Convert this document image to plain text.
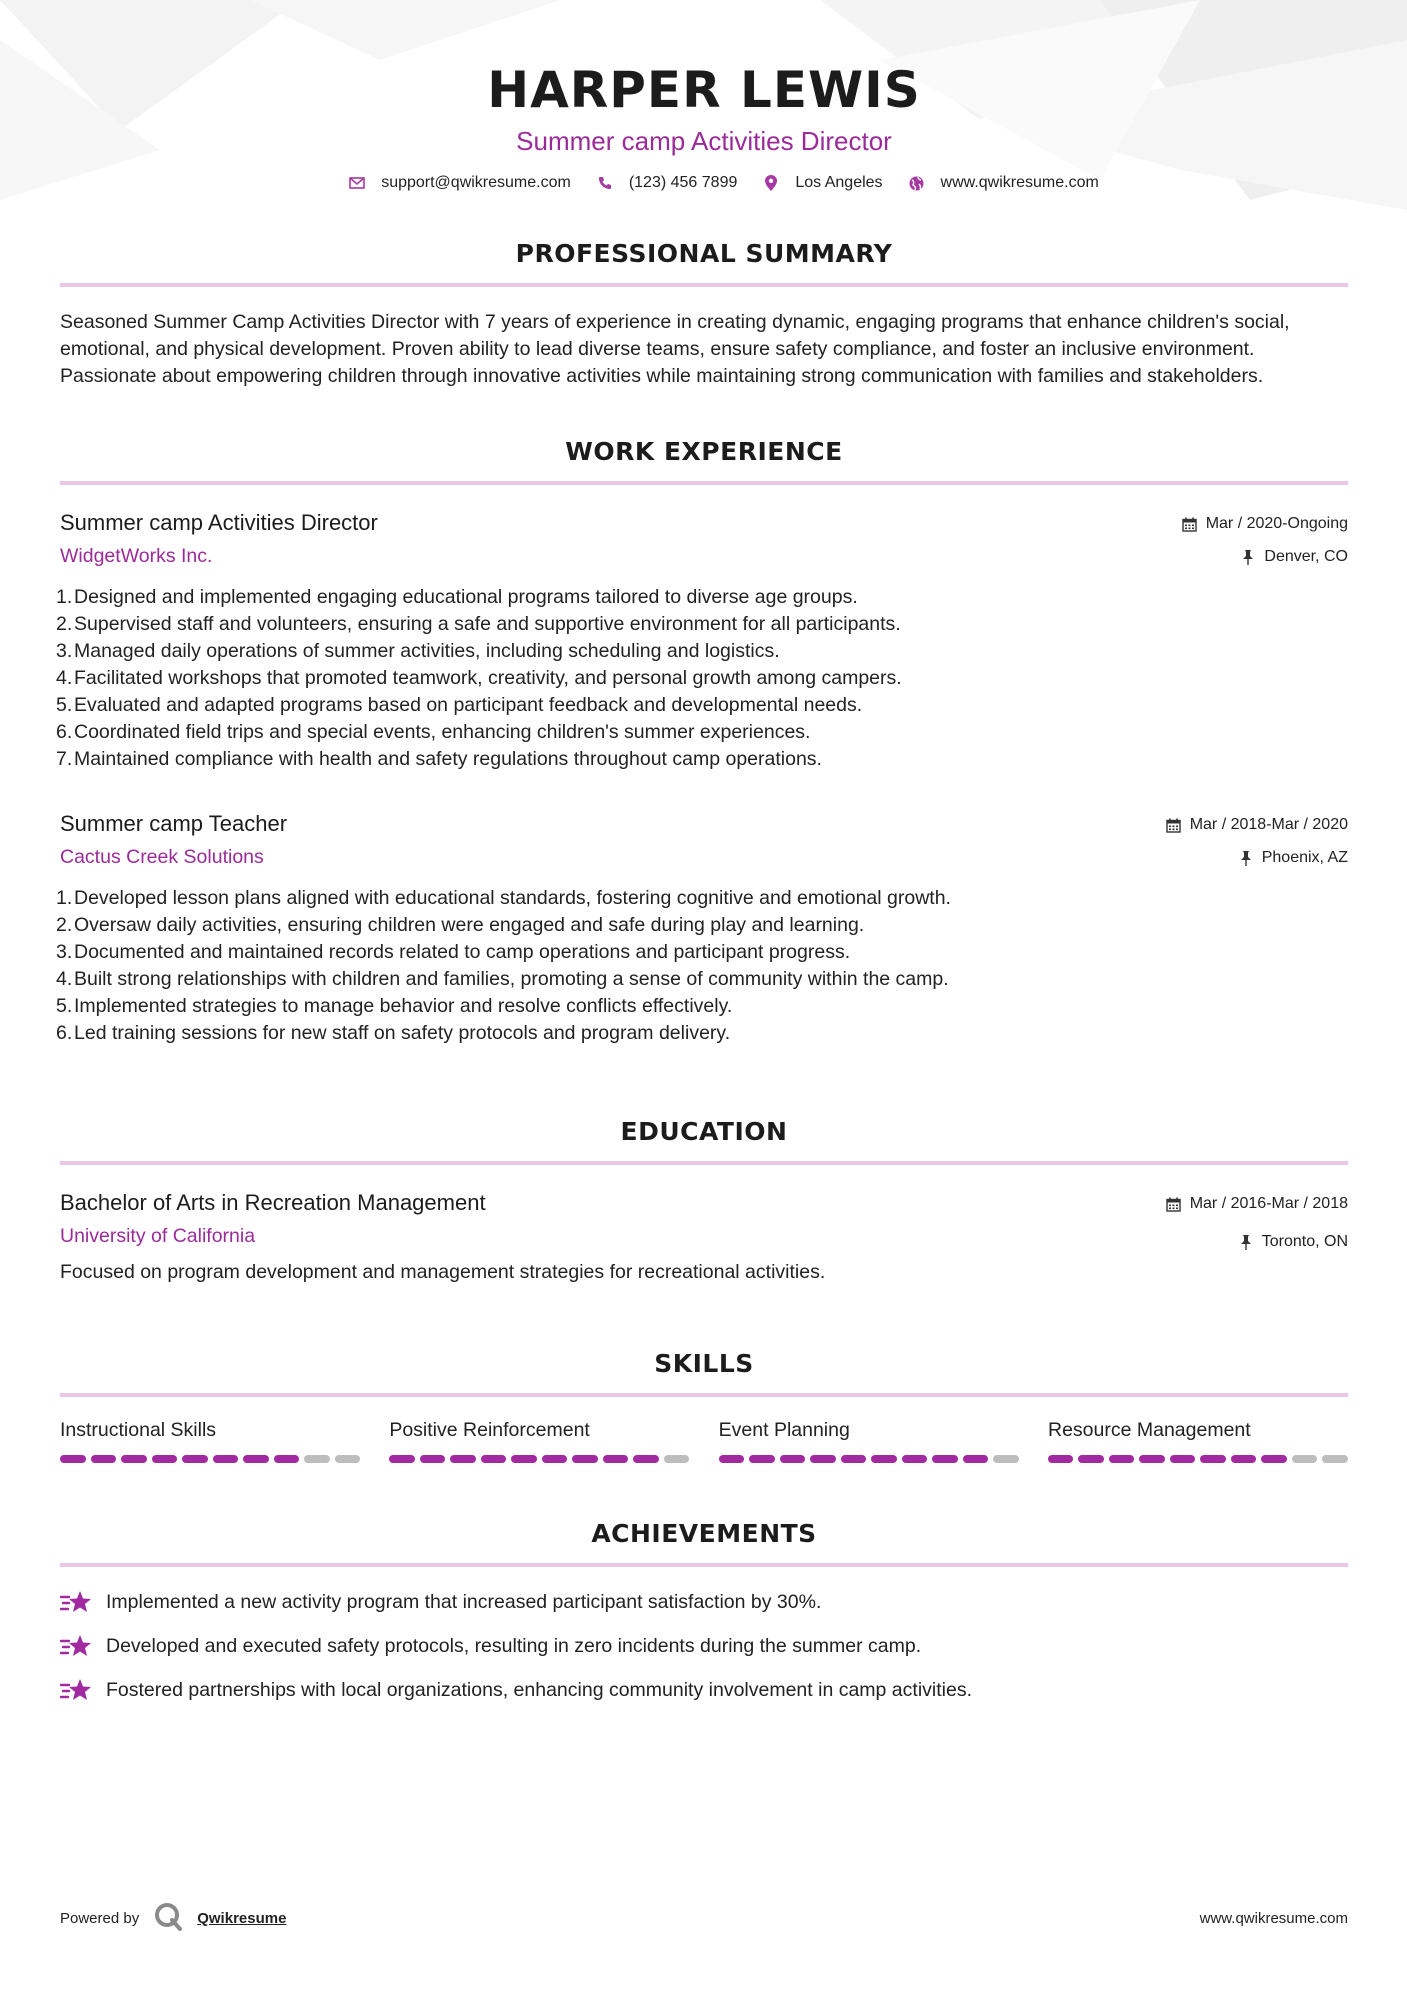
HARPER LEWIS
Summer camp Activities Director
support@qwikresume.com	(123) 456 7899	Los Angeles	www.qwikresume.com
PROFESSIONAL SUMMARY
Seasoned Summer Camp Activities Director with 7 years of experience in creating dynamic, engaging programs that enhance children's social, emotional, and physical development. Proven ability to lead diverse teams, ensure safety compliance, and foster an inclusive environment. Passionate about empowering children through innovative activities while maintaining strong communication with families and stakeholders.
WORK EXPERIENCE
Summer camp Activities Director
WidgetWorks Inc.
Mar / 2020-Ongoing
Denver, CO
1. Designed and implemented engaging educational programs tailored to diverse age groups.
2. Supervised staff and volunteers, ensuring a safe and supportive environment for all participants.
3. Managed daily operations of summer activities, including scheduling and logistics.
4. Facilitated workshops that promoted teamwork, creativity, and personal growth among campers.
5. Evaluated and adapted programs based on participant feedback and developmental needs.
6. Coordinated field trips and special events, enhancing children's summer experiences.
7. Maintained compliance with health and safety regulations throughout camp operations.
Summer camp Teacher
Cactus Creek Solutions
Mar / 2018-Mar / 2020
Phoenix, AZ
1. Developed lesson plans aligned with educational standards, fostering cognitive and emotional growth.
2. Oversaw daily activities, ensuring children were engaged and safe during play and learning.
3. Documented and maintained records related to camp operations and participant progress.
4. Built strong relationships with children and families, promoting a sense of community within the camp.
5. Implemented strategies to manage behavior and resolve conflicts effectively.
6. Led training sessions for new staff on safety protocols and program delivery.
EDUCATION
Bachelor of Arts in Recreation Management
University of California
Mar / 2016-Mar / 2018
Toronto, ON
Focused on program development and management strategies for recreational activities.
SKILLS
Instructional Skills	Positive Reinforcement	Event Planning	Resource Management
ACHIEVEMENTS
Implemented a new activity program that increased participant satisfaction by 30%.
Developed and executed safety protocols, resulting in zero incidents during the summer camp.
Fostered partnerships with local organizations, enhancing community involvement in camp activities.
Powered by	Qwikresume	www.qwikresume.com
